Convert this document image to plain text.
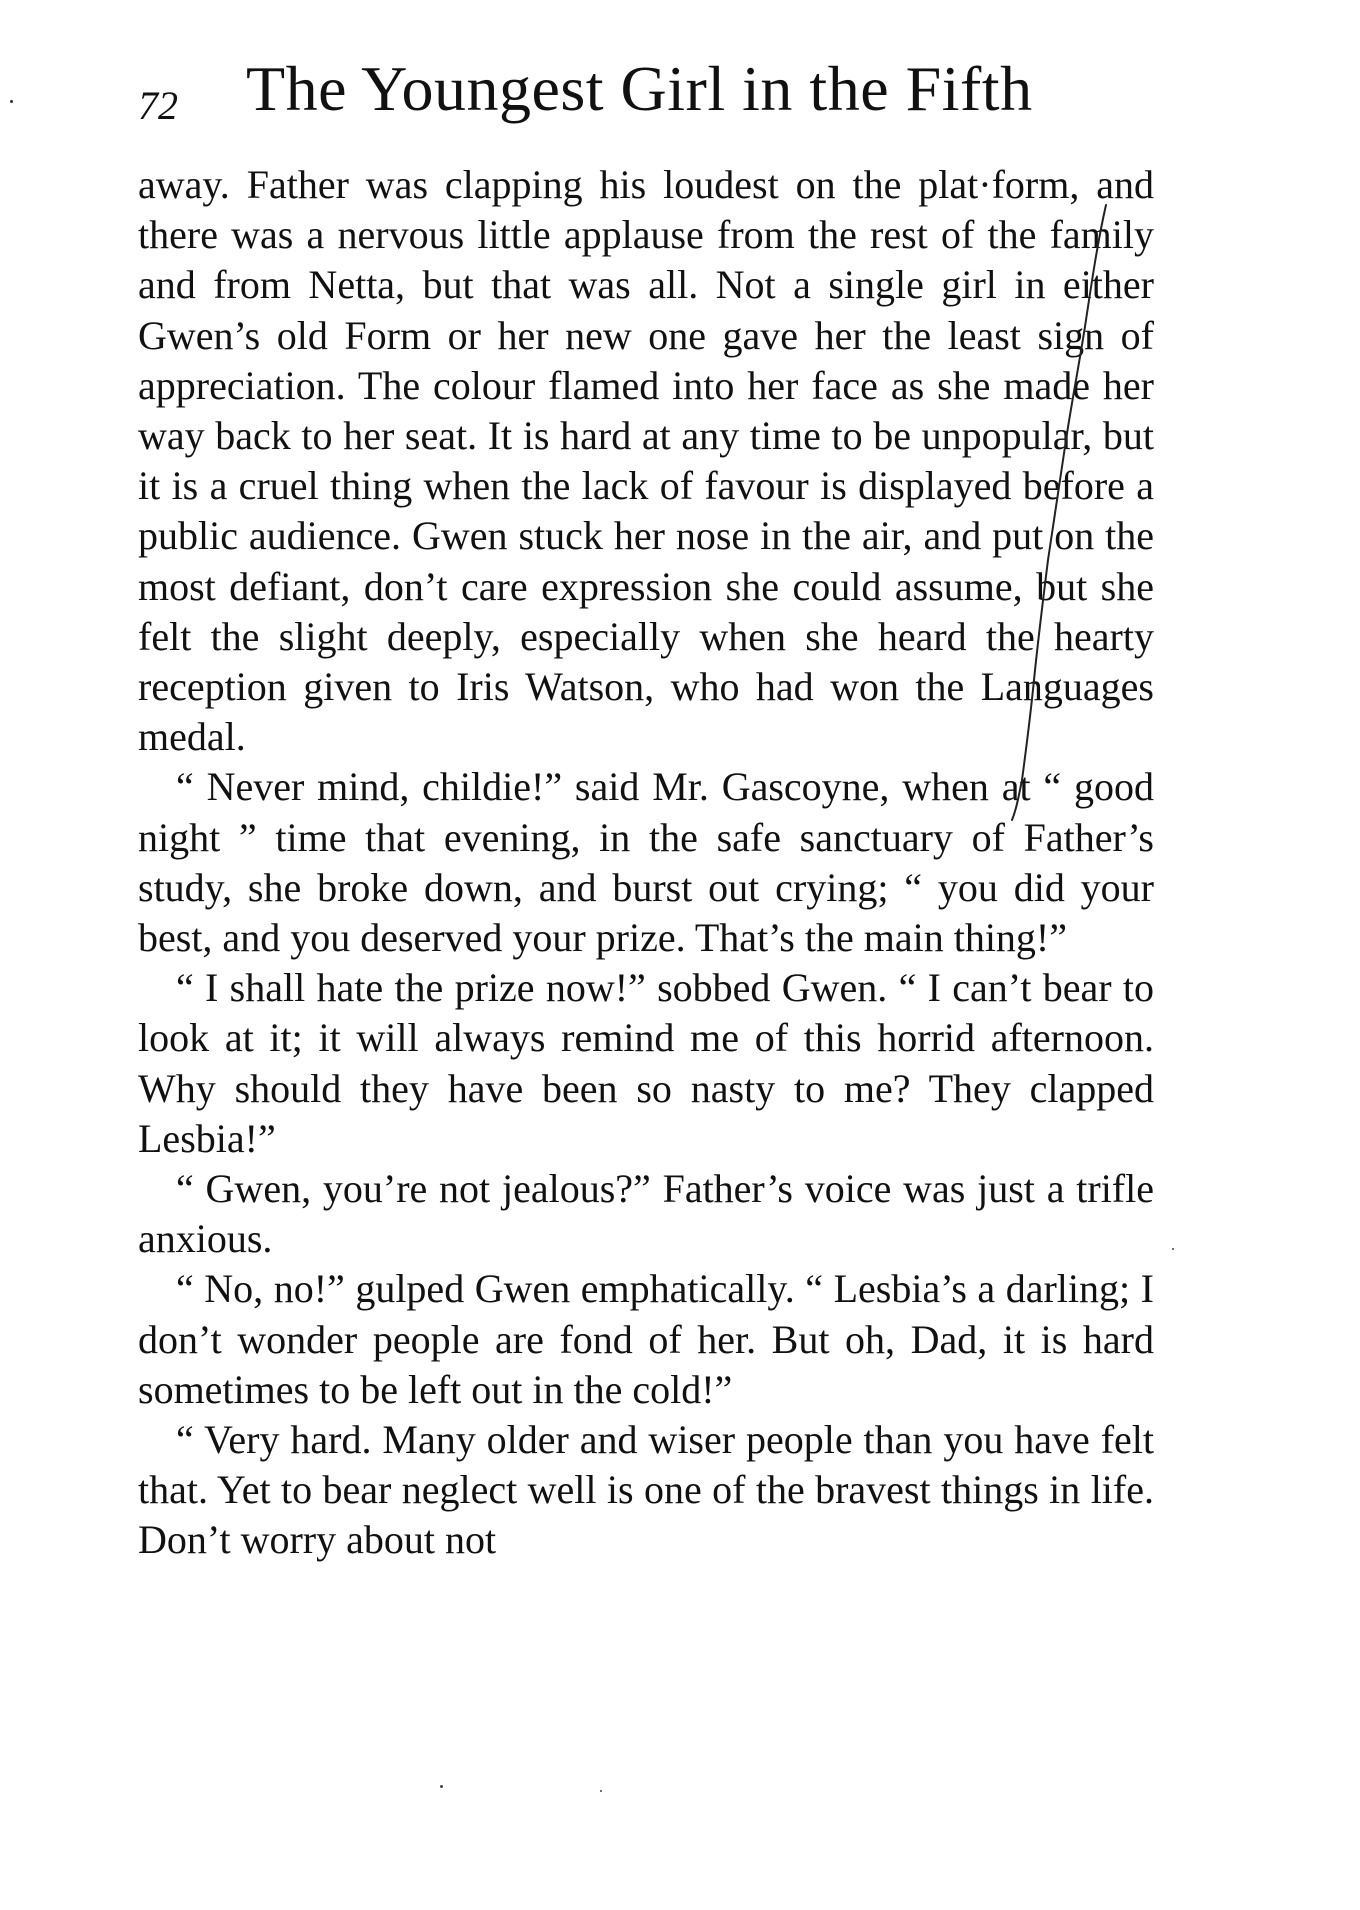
72 The Youngest Girl in the Fifth

away. Father was clapping his loudest on the plat·form, and there was a nervous little applause from the rest of the family and from Netta, but that was all. Not a single girl in either Gwen’s old Form or her new one gave her the least sign of appreciation. The colour flamed into her face as she made her way back to her seat. It is hard at any time to be unpopular, but it is a cruel thing when the lack of favour is displayed before a public audience. Gwen stuck her nose in the air, and put on the most defiant, don’t care expression she could assume, but she felt the slight deeply, especially when she heard the hearty reception given to Iris Watson, who had won the Languages medal.

“ Never mind, childie!” said Mr. Gascoyne, when at “ good night ” time that evening, in the safe sanctuary of Father’s study, she broke down, and burst out crying; “ you did your best, and you deserved your prize. That’s the main thing!”

“ I shall hate the prize now!” sobbed Gwen. “ I can’t bear to look at it; it will always remind me of this horrid afternoon. Why should they have been so nasty to me? They clapped Lesbia!”

“ Gwen, you’re not jealous?” Father’s voice was just a trifle anxious.

“ No, no!” gulped Gwen emphatically. “ Lesbia’s a darling; I don’t wonder people are fond of her. But oh, Dad, it is hard sometimes to be left out in the cold!”

“ Very hard. Many older and wiser people than you have felt that. Yet to bear neglect well is one of the bravest things in life. Don’t worry about not
